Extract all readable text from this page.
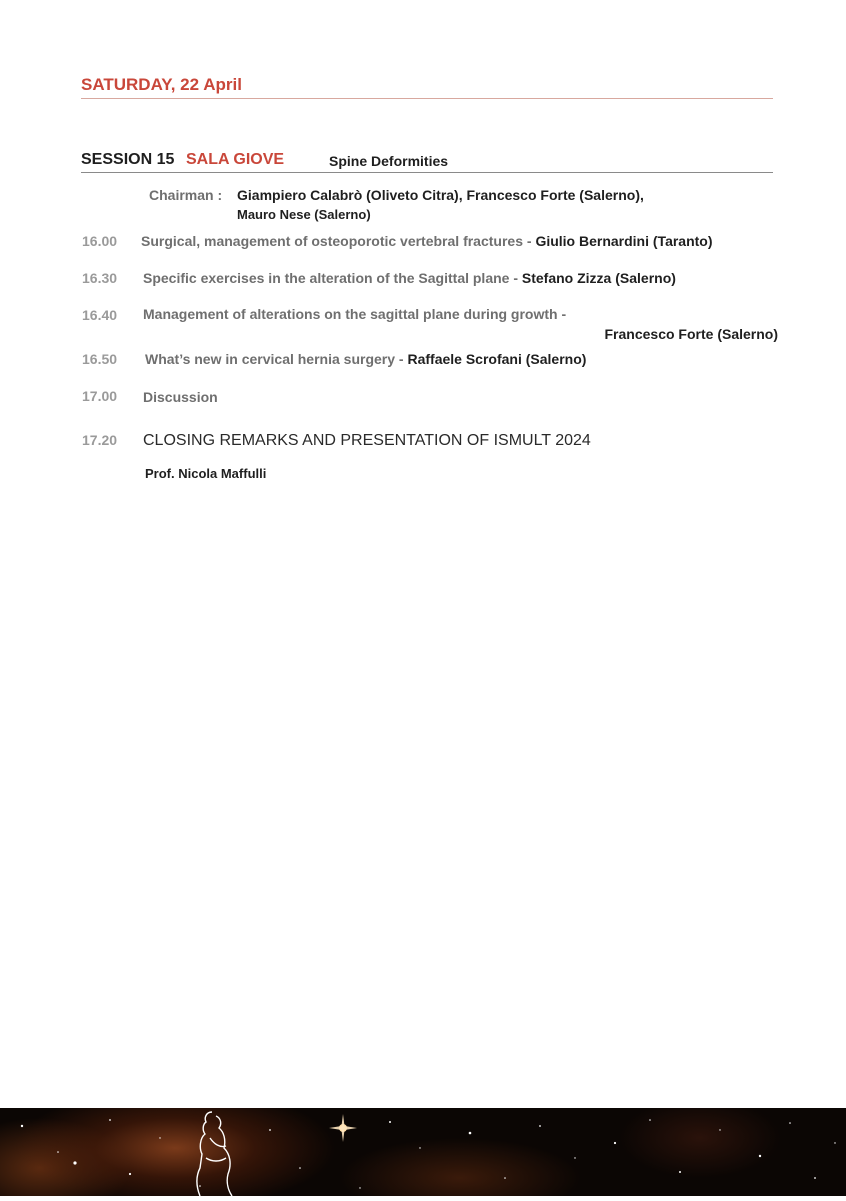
SATURDAY, 22 April
SESSION 15 SALA GIOVE	Spine Deformities
Chairman : Giampiero Calabrò (Oliveto Citra), Francesco Forte (Salerno),
Mauro Nese (Salerno)
16.00 Surgical, management of osteoporotic vertebral fractures - Giulio Bernardini (Taranto)
16.30 Specific exercises in the alteration of the Sagittal plane - Stefano Zizza (Salerno)
16.40 Management of alterations on the sagittal plane during growth -
Francesco Forte (Salerno)
16.50 What’s new in cervical hernia surgery - Raffaele Scrofani (Salerno)
17.00 Discussion
17.20 CLOSING REMARKS AND PRESENTATION OF ISMULT 2024
Prof. Nicola Maffulli
